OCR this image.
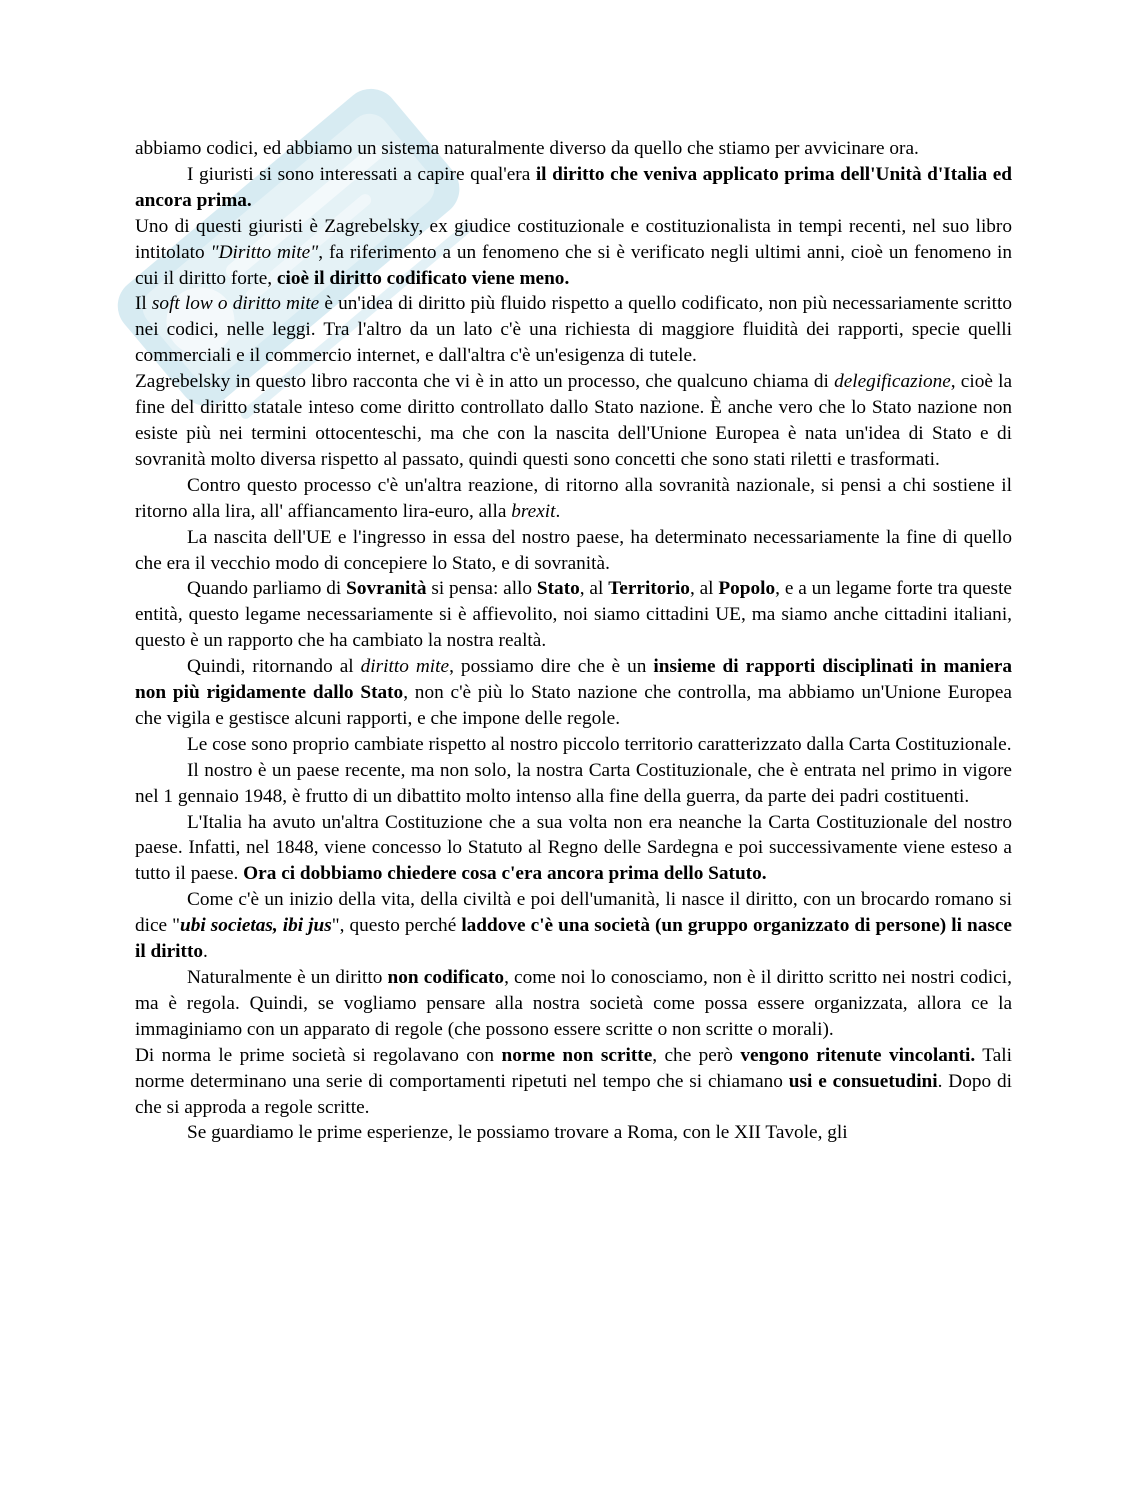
abbiamo codici, ed abbiamo un sistema naturalmente diverso da quello che stiamo per avvicinare ora.

I giuristi si sono interessati a capire qual'era il diritto che veniva applicato prima dell'Unità d'Italia ed ancora prima.

Uno di questi giuristi è Zagrebelsky, ex giudice costituzionale e costituzionalista in tempi recenti, nel suo libro intitolato "Diritto mite", fa riferimento a un fenomeno che si è verificato negli ultimi anni, cioè un fenomeno in cui il diritto forte, cioè il diritto codificato viene meno.

Il soft low o diritto mite è un'idea di diritto più fluido rispetto a quello codificato, non più necessariamente scritto nei codici, nelle leggi. Tra l'altro da un lato c'è una richiesta di maggiore fluidità dei rapporti, specie quelli commerciali e il commercio internet, e dall'altra c'è un'esigenza di tutele.

Zagrebelsky in questo libro racconta che vi è in atto un processo, che qualcuno chiama di delegificazione, cioè la fine del diritto statale inteso come diritto controllato dallo Stato nazione. È anche vero che lo Stato nazione non esiste più nei termini ottocenteschi, ma che con la nascita dell'Unione Europea è nata un'idea di Stato e di sovranità molto diversa rispetto al passato, quindi questi sono concetti che sono stati riletti e trasformati.

Contro questo processo c'è un'altra reazione, di ritorno alla sovranità nazionale, si pensi a chi sostiene il ritorno alla lira, all' affiancamento lira-euro, alla brexit.

La nascita dell'UE e l'ingresso in essa del nostro paese, ha determinato necessariamente la fine di quello che era il vecchio modo di concepiere lo Stato, e di sovranità.

Quando parliamo di Sovranità si pensa: allo Stato, al Territorio, al Popolo, e a un legame forte tra queste entità, questo legame necessariamente si è affievolito, noi siamo cittadini UE, ma siamo anche cittadini italiani, questo è un rapporto che ha cambiato la nostra realtà.

Quindi, ritornando al diritto mite, possiamo dire che è un insieme di rapporti disciplinati in maniera non più rigidamente dallo Stato, non c'è più lo Stato nazione che controlla, ma abbiamo un'Unione Europea che vigila e gestisce alcuni rapporti, e che impone delle regole.

Le cose sono proprio cambiate rispetto al nostro piccolo territorio caratterizzato dalla Carta Costituzionale.

Il nostro è un paese recente, ma non solo, la nostra Carta Costituzionale, che è entrata nel primo in vigore nel 1 gennaio 1948, è frutto di un dibattito molto intenso alla fine della guerra, da parte dei padri costituenti.

L'Italia ha avuto un'altra Costituzione che a sua volta non era neanche la Carta Costituzionale del nostro paese. Infatti, nel 1848, viene concesso lo Statuto al Regno delle Sardegna e poi successivamente viene esteso a tutto il paese. Ora ci dobbiamo chiedere cosa c'era ancora prima dello Satuto.

Come c'è un inizio della vita, della civiltà e poi dell'umanità, li nasce il diritto, con un brocardo romano si dice "ubi societas, ibi jus", questo perché laddove c'è una società (un gruppo organizzato di persone) li nasce il diritto.

Naturalmente è un diritto non codificato, come noi lo conosciamo, non è il diritto scritto nei nostri codici, ma è regola. Quindi, se vogliamo pensare alla nostra società come possa essere organizzata, allora ce la immaginiamo con un apparato di regole (che possono essere scritte o non scritte o morali).

Di norma le prime società si regolavano con norme non scritte, che però vengono ritenute vincolanti. Tali norme determinano una serie di comportamenti ripetuti nel tempo che si chiamano usi e consuetudini. Dopo di che si approda a regole scritte.

Se guardiamo le prime esperienze, le possiamo trovare a Roma, con le XII Tavole, gli
